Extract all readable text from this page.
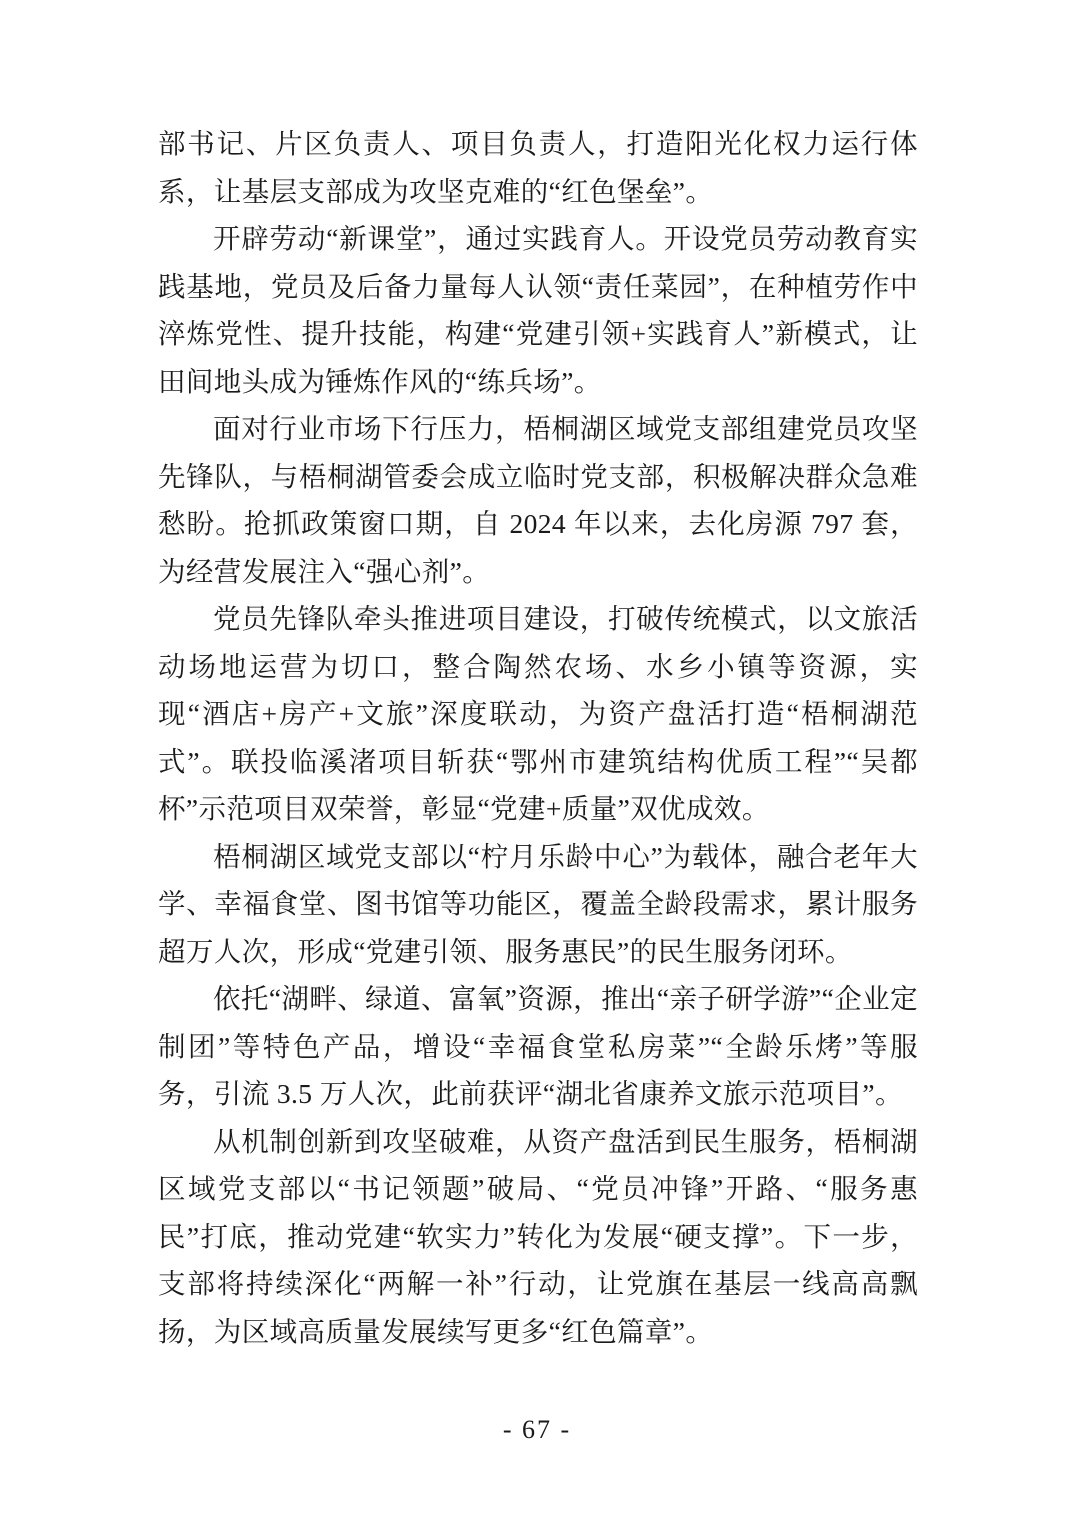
部书记、片区负责人、项目负责人，打造阳光化权力运行体系，让基层支部成为攻坚克难的“红色堡垒”。

开辟劳动“新课堂”，通过实践育人。开设党员劳动教育实践基地，党员及后备力量每人认领“责任菜园”，在种植劳作中淬炼党性、提升技能，构建“党建引领+实践育人”新模式，让田间地头成为锤炼作风的“练兵场”。

面对行业市场下行压力，梧桐湖区域党支部组建党员攻坚先锋队，与梧桐湖管委会成立临时党支部，积极解决群众急难愁盼。抢抓政策窗口期，自 2024 年以来，去化房源 797 套，为经营发展注入“强心剂”。

党员先锋队牵头推进项目建设，打破传统模式，以文旅活动场地运营为切口，整合陶然农场、水乡小镇等资源，实现“酒店+房产+文旅”深度联动，为资产盘活打造“梧桐湖范式”。联投临溪渚项目斩获“鄂州市建筑结构优质工程”“吴都杯”示范项目双荣誉，彰显“党建+质量”双优成效。

梧桐湖区域党支部以“柠月乐龄中心”为载体，融合老年大学、幸福食堂、图书馆等功能区，覆盖全龄段需求，累计服务超万人次，形成“党建引领、服务惠民”的民生服务闭环。

依托“湖畔、绿道、富氧”资源，推出“亲子研学游”“企业定制团”等特色产品，增设“幸福食堂私房菜”“全龄乐烤”等服务，引流 3.5 万人次，此前获评“湖北省康养文旅示范项目”。

从机制创新到攻坚破难，从资产盘活到民生服务，梧桐湖区域党支部以“书记领题”破局、“党员冲锋”开路、“服务惠民”打底，推动党建“软实力”转化为发展“硬支撑”。下一步，支部将持续深化“两解一补”行动，让党旗在基层一线高高飘扬，为区域高质量发展续写更多“红色篇章”。

- 67 -
